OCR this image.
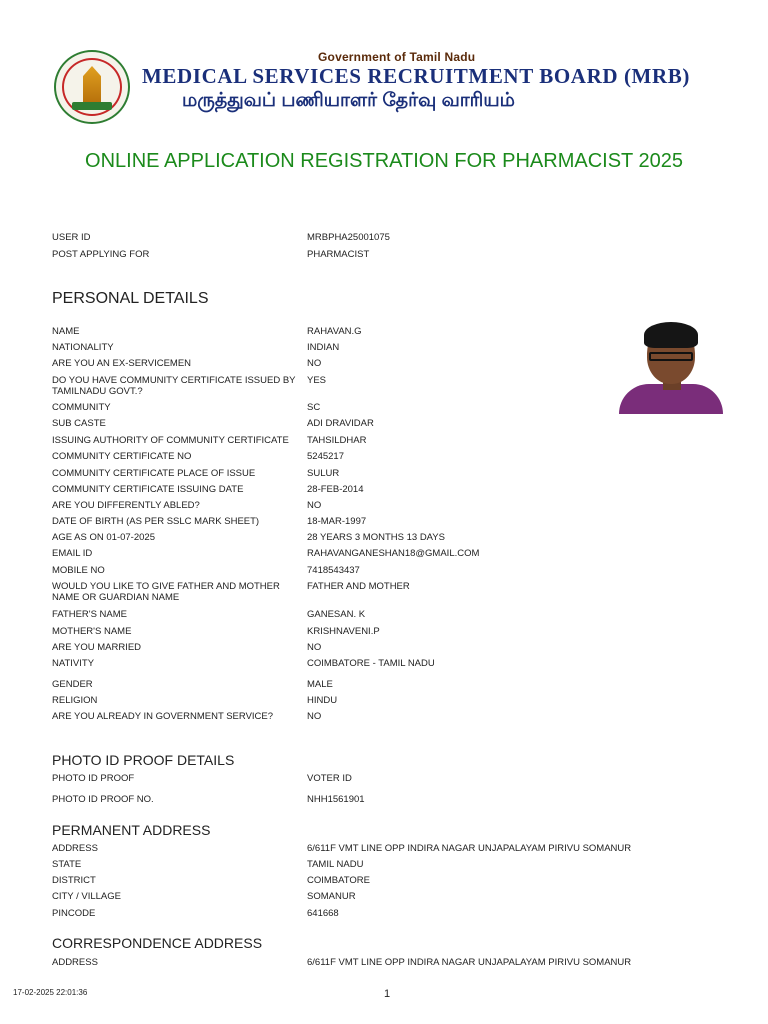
Government of Tamil Nadu
MEDICAL SERVICES RECRUITMENT BOARD (MRB)
மருத்துவப் பணியாளர் தேர்வு வாரியம்
ONLINE APPLICATION REGISTRATION FOR PHARMACIST 2025
USER ID	MRBPHA25001075
POST APPLYING FOR	PHARMACIST
PERSONAL DETAILS
NAME	RAHAVAN.G
NATIONALITY	INDIAN
ARE YOU AN EX-SERVICEMEN	NO
DO YOU HAVE COMMUNITY CERTIFICATE ISSUED BY TAMILNADU GOVT.?
YES
COMMUNITY	SC
SUB CASTE	ADI DRAVIDAR
ISSUING AUTHORITY OF COMMUNITY CERTIFICATE	TAHSILDHAR
COMMUNITY CERTIFICATE NO	5245217
COMMUNITY CERTIFICATE PLACE OF ISSUE	SULUR
COMMUNITY CERTIFICATE ISSUING DATE	28-FEB-2014
ARE YOU DIFFERENTLY ABLED?	NO
DATE OF BIRTH (AS PER SSLC MARK SHEET)	18-MAR-1997
AGE AS ON 01-07-2025	28 YEARS 3 MONTHS 13 DAYS
EMAIL ID	RAHAVANGANESHAN18@GMAIL.COM
MOBILE NO	7418543437
WOULD YOU LIKE TO GIVE FATHER AND MOTHER NAME OR GUARDIAN NAME
FATHER AND MOTHER
FATHER'S NAME	GANESAN. K
MOTHER'S NAME	KRISHNAVENI.P
ARE YOU MARRIED	NO
NATIVITY	COIMBATORE - TAMIL NADU
GENDER	MALE
RELIGION	HINDU
ARE YOU ALREADY IN GOVERNMENT SERVICE?	NO
PHOTO ID PROOF DETAILS
PHOTO ID PROOF	VOTER ID
PHOTO ID PROOF NO.	NHH1561901
PERMANENT ADDRESS
ADDRESS	6/611F VMT LINE OPP INDIRA NAGAR UNJAPALAYAM PIRIVU SOMANUR
STATE	TAMIL NADU
DISTRICT	COIMBATORE
CITY / VILLAGE	SOMANUR
PINCODE	641668
CORRESPONDENCE ADDRESS
ADDRESS	6/611F VMT LINE OPP INDIRA NAGAR UNJAPALAYAM PIRIVU SOMANUR
17-02-2025 22:01:36	1
